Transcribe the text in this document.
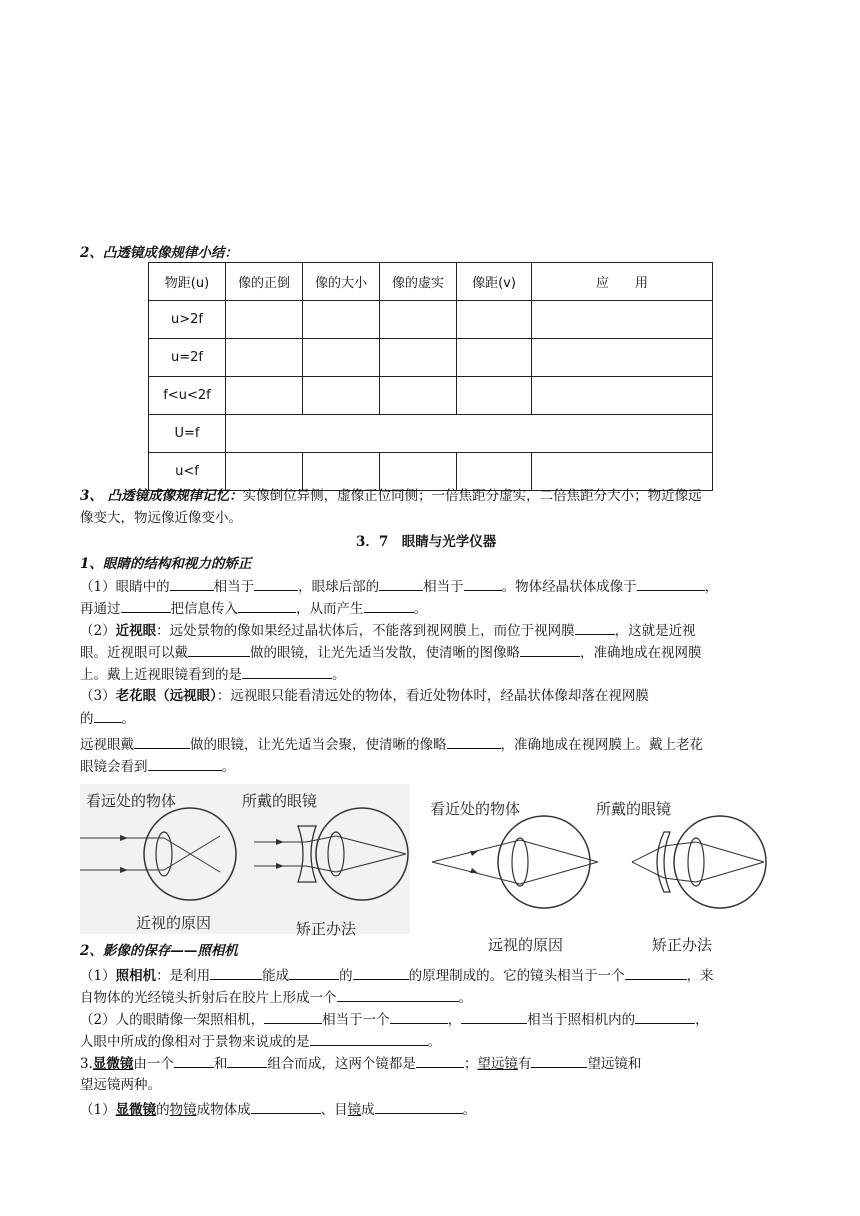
2、凸透镜成像规律小结：
物距(u)	像的正倒	像的大小	像的虚实	像距(v)	应　　用
u>2f					
u=2f					
f<u<2f					
U=f					
u<f					
3、 凸透镜成像规律记忆：实像倒位异侧，虚像正位同侧；一倍焦距分虚实，二倍焦距分大小；物近像远
像变大，物远像近像变小。
3．7　眼睛与光学仪器
1、眼睛的结构和视力的矫正
（1）眼睛中的	相当于	，眼球后部的	相当于	。物体经晶状体成像于	，
再通过	把信息传入	，从而产生	。
（2）近视眼：远处景物的像如果经过晶状体后，不能落到视网膜上，而位于视网膜	，这就是近视
眼。近视眼可以戴	做的眼镜，让光先适当发散，使清晰的图像略	，准确地成在视网膜
上。戴上近视眼镜看到的是	。
（3）老花眼（远视眼）：远视眼只能看清远处的物体，看近处物体时，经晶状体像却落在视网膜
的 。
远视眼戴	做的眼镜，让光先适当会聚，使清晰的像略	，准确地成在视网膜上。戴上老花
眼镜会看到	。
看远处的物体
近视的原因
所戴的眼镜
矫正办法
看近处的物体
远视的原因
所戴的眼镜
矫正办法
2、影像的保存——照相机
（1）照相机：是利用	能成	的	的原理制成的。它的镜头相当于一个	，来
自物体的光经镜头折射后在胶片上形成一个	。
（2）人的眼睛像一架照相机，	相当于一个	，	相当于照相机内的	，
人眼中所成的像相对于景物来说成的是	。
3.显微镜由一个	和	组合而成，这两个镜都是	；望远镜有	望远镜和
望远镜两种。
（1）显微镜的物镜成物体成	、目镜成	。
